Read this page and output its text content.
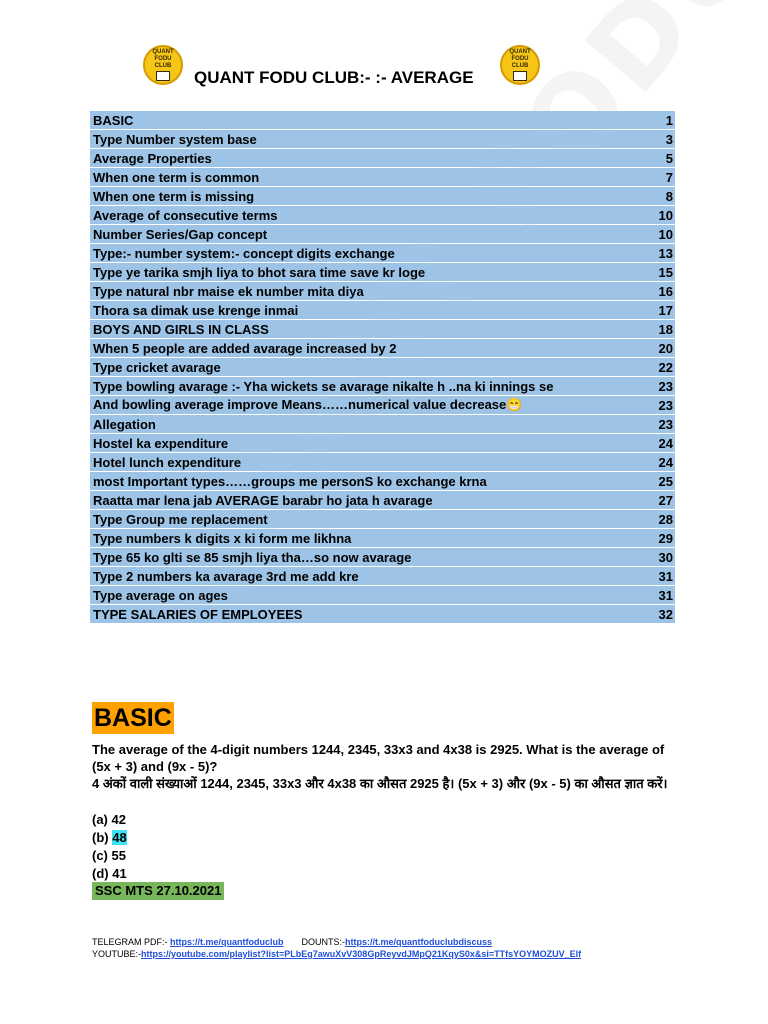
QUANT
FODU
CLUB
QUANT FODU CLUB:- :- AVERAGE
QUANT
FODU
CLUB
BASIC	1
Type Number system base	3
Average Properties	5
When one term is common	7
When one term is missing	8
Average of consecutive terms	10
Number Series/Gap concept	10
Type:- number system:- concept digits exchange	13
Type ye tarika smjh liya to bhot sara time save kr loge	15
Type natural nbr maise ek number mita diya	16
Thora sa dimak use krenge inmai	17
BOYS AND GIRLS IN CLASS	18
When 5 people are added avarage increased by 2	20
Type cricket avarage	22
Type bowling avarage :- Yha wickets se avarage nikalte h ..na ki innings se	23
And bowling average improve Means……numerical value decrease😁	23
Allegation	23
Hostel ka expenditure	24
Hotel lunch expenditure	24
most Important types……groups me personS ko exchange krna	25
Raatta mar lena jab AVERAGE barabr ho jata h avarage	27
Type Group me replacement	28
Type numbers k digits x ki form me likhna	29
Type 65 ko glti se 85 smjh liya tha…so now avarage	30
Type 2 numbers ka avarage 3rd me add kre	31
Type average on ages	31
TYPE SALARIES OF EMPLOYEES	32
BASIC

The average of the 4-digit numbers 1244, 2345, 33x3 and 4x38 is 2925. What is the average of (5x + 3) and (9x - 5)?

4 अंकों वाली संख्याओं 1244, 2345, 33x3 और 4x38 का औसत 2925 है। (5x + 3) और (9x - 5) का औसत ज्ञात करें।

(a) 42
(b) 48
(c) 55
(d) 41
SSC MTS 27.10.2021
TELEGRAM PDF:- https://t.me/quantfoduclub DOUNTS:-https://t.me/quantfoduclubdiscuss
YOUTUBE:-https://youtube.com/playlist?list=PLbEg7awuXvV308GpReyvdJMpQ21KqyS0x&si=TTfsYOYMOZUV_Elf
